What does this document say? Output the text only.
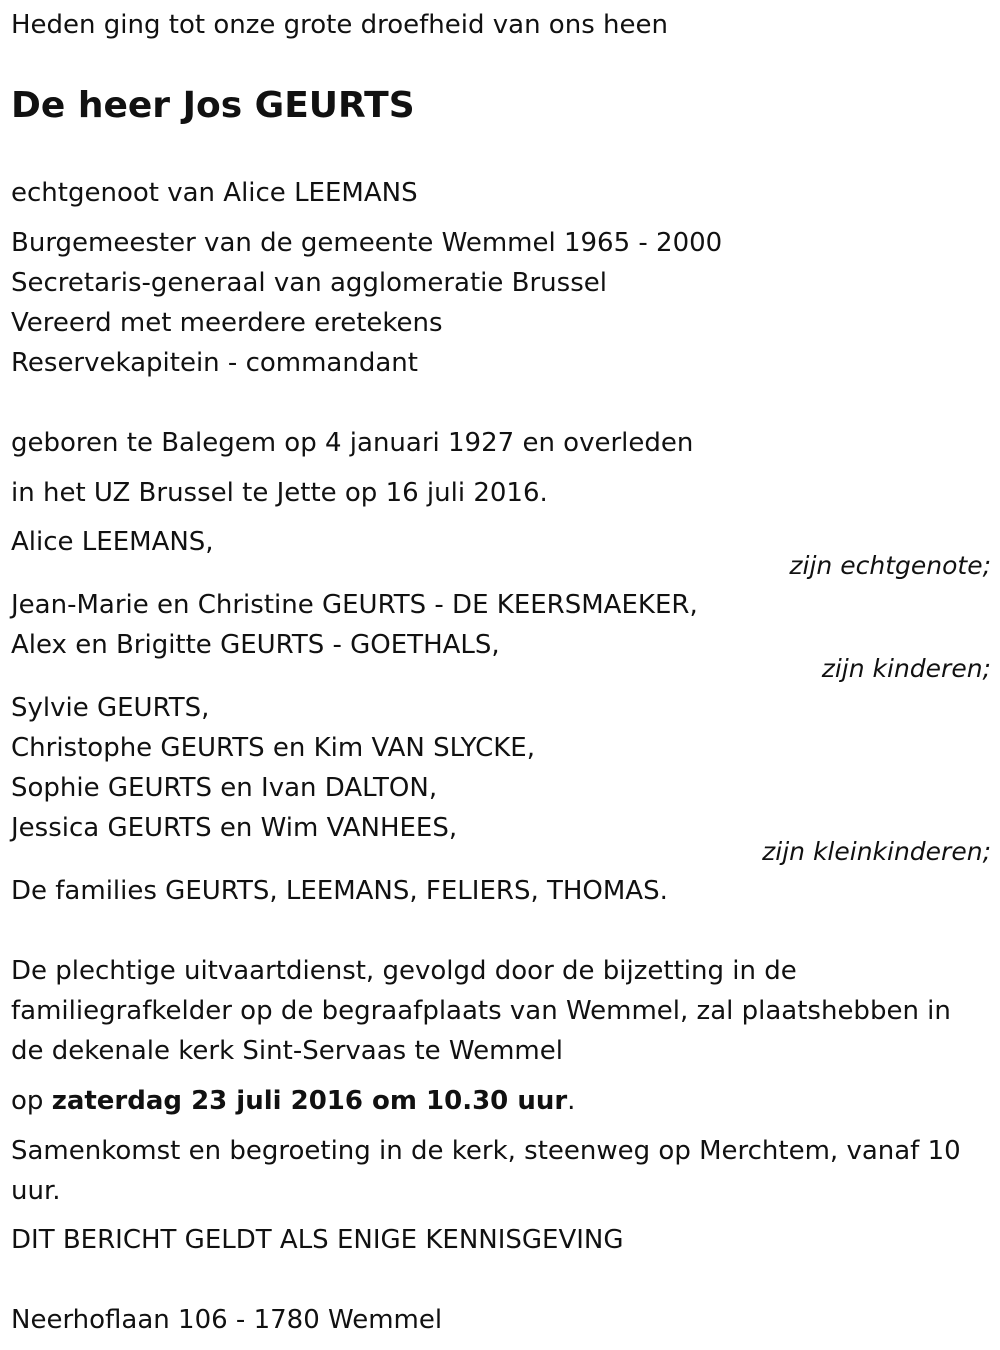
Heden ging tot onze grote droefheid van ons heen
De heer Jos GEURTS
echtgenoot van Alice LEEMANS
Burgemeester van de gemeente Wemmel 1965 - 2000
Secretaris-generaal van agglomeratie Brussel
Vereerd met meerdere eretekens
Reservekapitein - commandant
geboren te Balegem op 4 januari 1927 en overleden
in het UZ Brussel te Jette op 16 juli 2016.
Alice LEEMANS,
zijn echtgenote;
Jean-Marie en Christine GEURTS - DE KEERSMAEKER,
Alex en Brigitte GEURTS - GOETHALS,
zijn kinderen;
Sylvie GEURTS,
Christophe GEURTS en Kim VAN SLYCKE,
Sophie GEURTS en Ivan DALTON,
Jessica GEURTS en Wim VANHEES,
zijn kleinkinderen;
De families GEURTS, LEEMANS, FELIERS, THOMAS.
De plechtige uitvaartdienst, gevolgd door de bijzetting in de familiegrafkelder op de begraafplaats van Wemmel, zal plaatshebben in de dekenale kerk Sint-Servaas te Wemmel
op zaterdag 23 juli 2016 om 10.30 uur.
Samenkomst en begroeting in de kerk, steenweg op Merchtem, vanaf 10 uur.
DIT BERICHT GELDT ALS ENIGE KENNISGEVING
Neerhoflaan 106 - 1780 Wemmel
